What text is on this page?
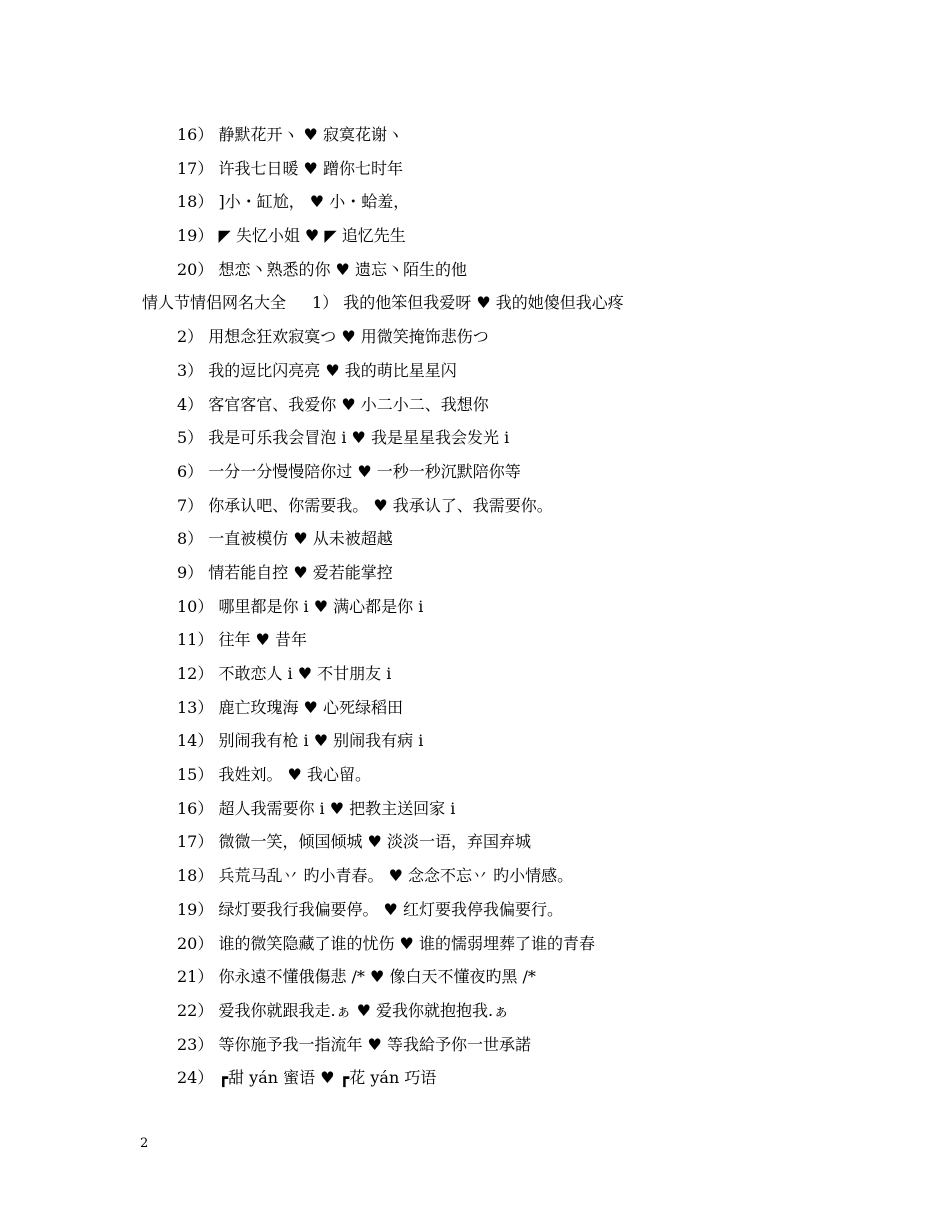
16） 静默花开ヽ ♥ 寂寞花谢ヽ
17） 许我七日暖 ♥ 蹭你七时年
18） ]小・缸尬， ♥ 小・蛤羞，
19） ◤ 失忆小姐 ♥ ◤ 追忆先生
20） 想恋丶熟悉的你 ♥ 遗忘丶陌生的他
情人节情侣网名大全 1） 我的他笨但我爱呀 ♥ 我的她傻但我心疼
2） 用想念狂欢寂寞つ ♥ 用微笑掩饰悲伤つ
3） 我的逗比闪亮亮 ♥ 我的萌比星星闪
4） 客官客官、我爱你 ♥ 小二小二、我想你
5） 我是可乐我会冒泡 i ♥ 我是星星我会发光 i
6） 一分一分慢慢陪你过 ♥ 一秒一秒沉默陪你等
7） 你承认吧、你需要我。 ♥ 我承认了、我需要你。
8） 一直被模仿 ♥ 从未被超越
9） 情若能自控 ♥ 爱若能掌控
10） 哪里都是你 i ♥ 满心都是你 i
11） 往年 ♥ 昔年
12） 不敢恋人 i ♥ 不甘朋友 i
13） 鹿亡玫瑰海 ♥ 心死绿稻田
14） 别闹我有枪 i ♥ 别闹我有病 i
15） 我姓刘。 ♥ 我心留。
16） 超人我需要你 i ♥ 把教主送回家 i
17） 微微一笑，倾国倾城 ♥ 淡淡一语，弃国弃城
18） 兵荒马乱丷 旳小青春。 ♥ 念念不忘丷 旳小情感。
19） 绿灯要我行我偏要停。 ♥ 红灯要我停我偏要行。
20） 谁的微笑隐藏了谁的忧伤 ♥ 谁的懦弱埋葬了谁的青春
21） 你永遠不懂俄傷悲 /* ♥ 像白天不懂夜旳黑 /*
22） 爱我你就跟我走.ぁ ♥ 爱我你就抱抱我.ぁ
23） 等你施予我一指流年 ♥ 等我給予你一世承諾
24） ┏甜 yán 蜜语 ♥ ┏花 yán 巧语
2
